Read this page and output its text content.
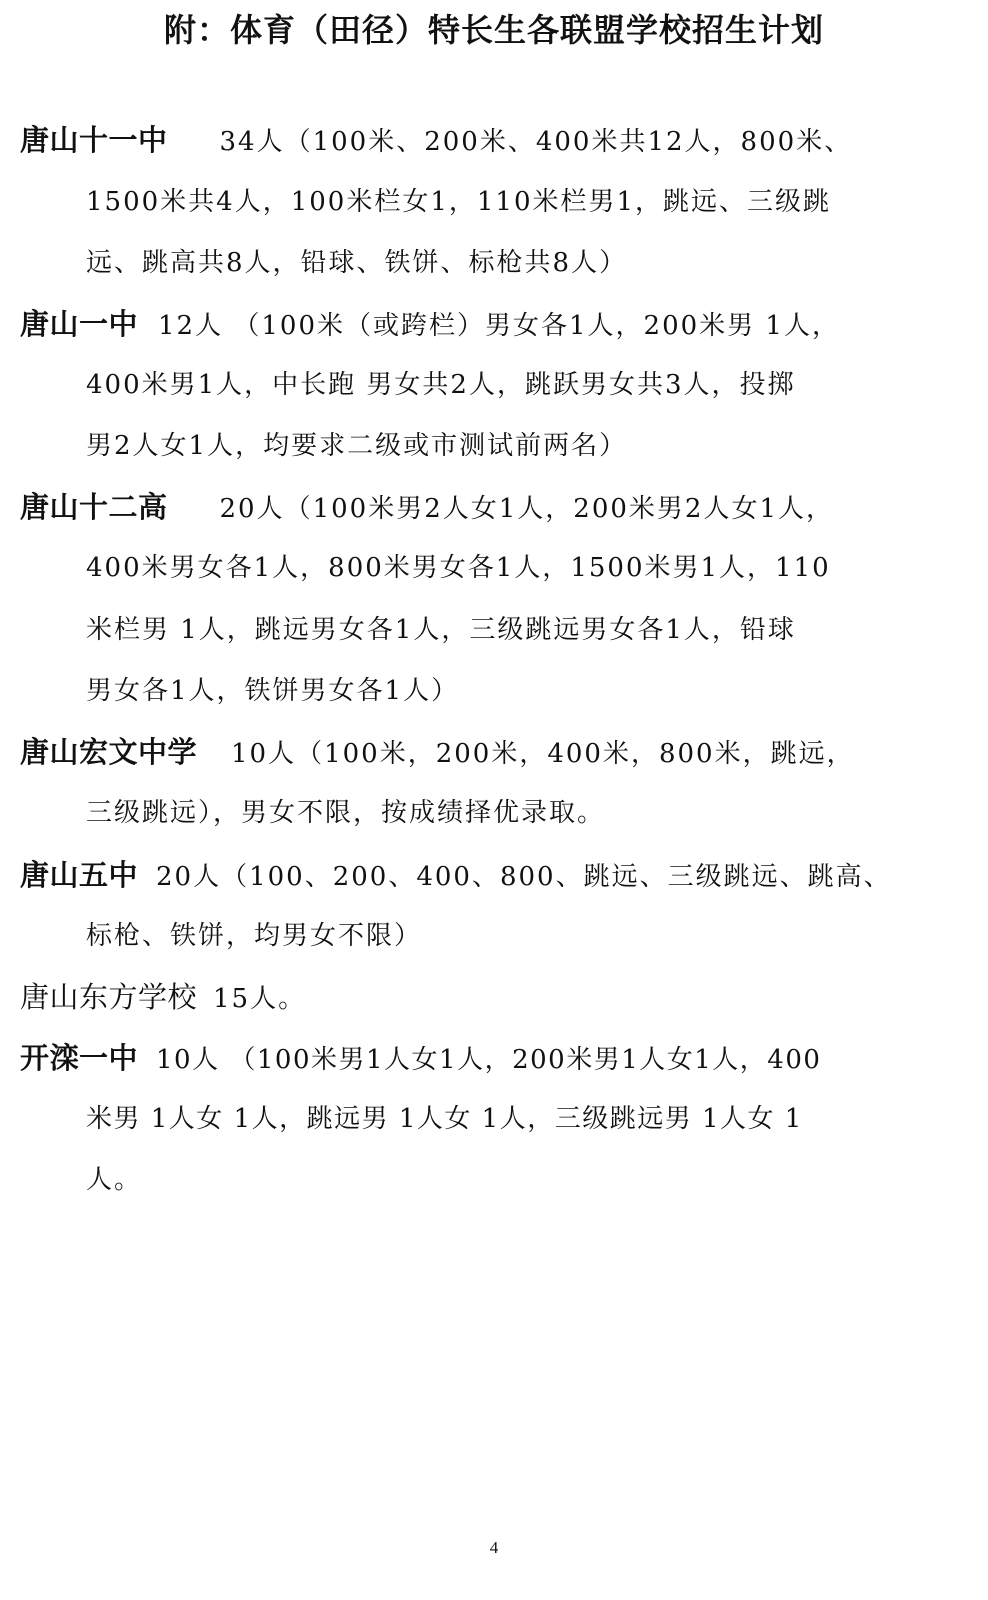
附：体育（田径）特长生各联盟学校招生计划
唐山十一中 34人（100米、200米、400米共12人，800米、
1500米共4人，100米栏女1，110米栏男1，跳远、三级跳
远、跳高共8人，铅球、铁饼、标枪共8人）
唐山一中 12人 （100米（或跨栏）男女各1人，200米男 1人，
400米男1人，中长跑 男女共2人，跳跃男女共3人，投掷
男2人女1人，均要求二级或市测试前两名）
唐山十二高 20人（100米男2人女1人，200米男2人女1人，
400米男女各1人，800米男女各1人，1500米男1人，110
米栏男 1人，跳远男女各1人，三级跳远男女各1人，铅球
男女各1人，铁饼男女各1人）
唐山宏文中学 10人（100米，200米，400米，800米，跳远，
三级跳远），男女不限，按成绩择优录取。
唐山五中 20人（100、200、400、800、跳远、三级跳远、跳高、
标枪、铁饼，均男女不限）
唐山东方学校 15人。
开滦一中 10人 （100米男1人女1人，200米男1人女1人，400
米男 1人女 1人，跳远男 1人女 1人，三级跳远男 1人女 1
人。
4
